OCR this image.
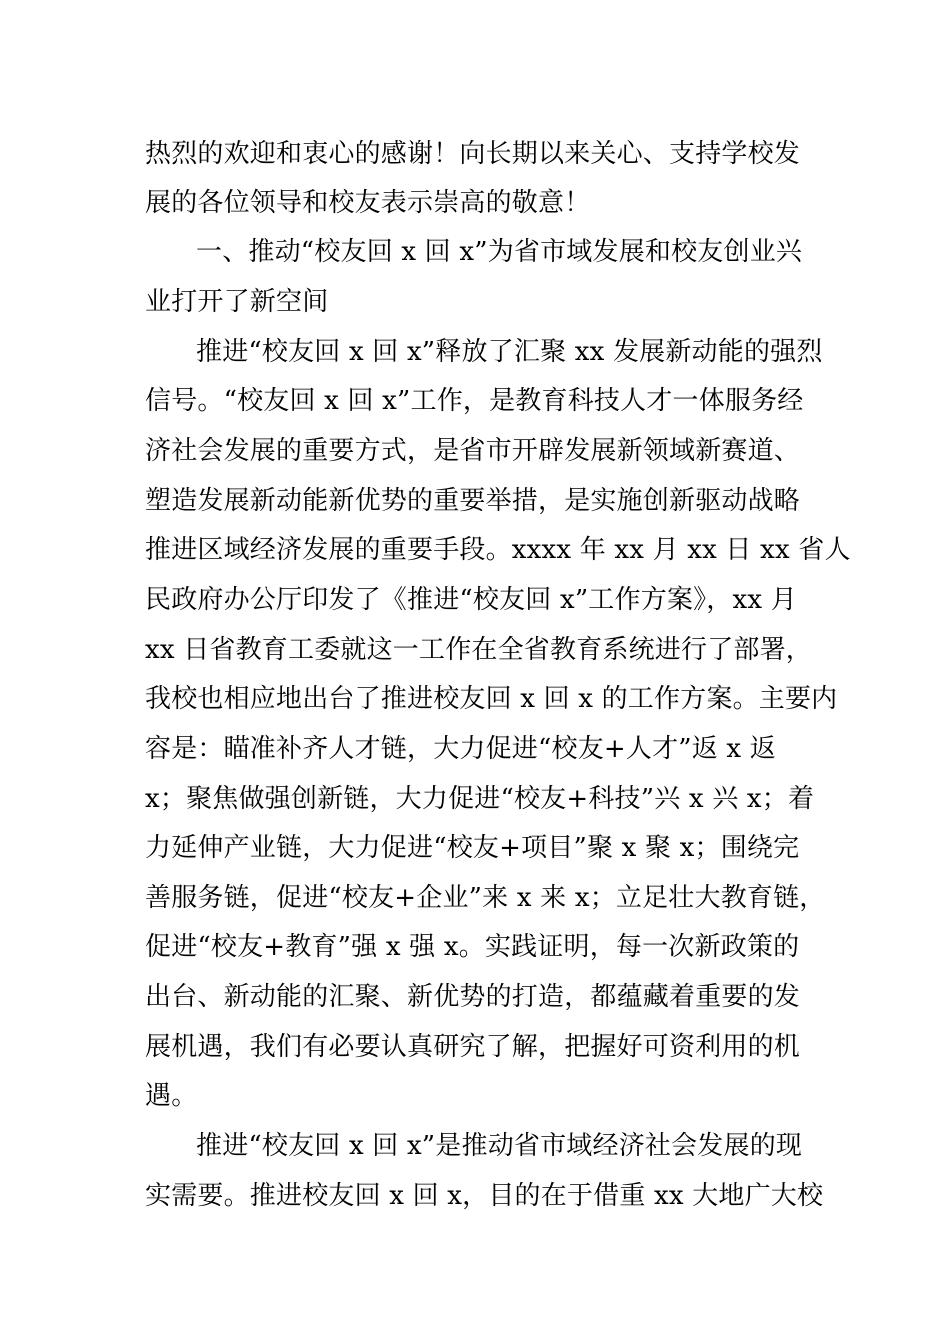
热烈的欢迎和衷心的感谢！向长期以来关心、支持学校发
展的各位领导和校友表示崇高的敬意！
一、推动“校友回 x 回 x”为省市域发展和校友创业兴
业打开了新空间
推进“校友回 x 回 x”释放了汇聚 xx 发展新动能的强烈
信号。“校友回 x 回 x”工作，是教育科技人才一体服务经
济社会发展的重要方式，是省市开辟发展新领域新赛道、
塑造发展新动能新优势的重要举措，是实施创新驱动战略
推进区域经济发展的重要手段。xxxx 年 xx 月 xx 日 xx 省人
民政府办公厅印发了《推进“校友回 x”工作方案》，xx 月
xx 日省教育工委就这一工作在全省教育系统进行了部署，
我校也相应地出台了推进校友回 x 回 x 的工作方案。主要内
容是：瞄准补齐人才链，大力促进“校友+人才”返 x 返
x；聚焦做强创新链，大力促进“校友+科技”兴 x 兴 x；着
力延伸产业链，大力促进“校友+项目”聚 x 聚 x；围绕完
善服务链，促进“校友+企业”来 x 来 x；立足壮大教育链，
促进“校友+教育”强 x 强 x。实践证明，每一次新政策的
出台、新动能的汇聚、新优势的打造，都蕴藏着重要的发
展机遇，我们有必要认真研究了解，把握好可资利用的机
遇。
推进“校友回 x 回 x”是推动省市域经济社会发展的现
实需要。推进校友回 x 回 x，目的在于借重 xx 大地广大校
